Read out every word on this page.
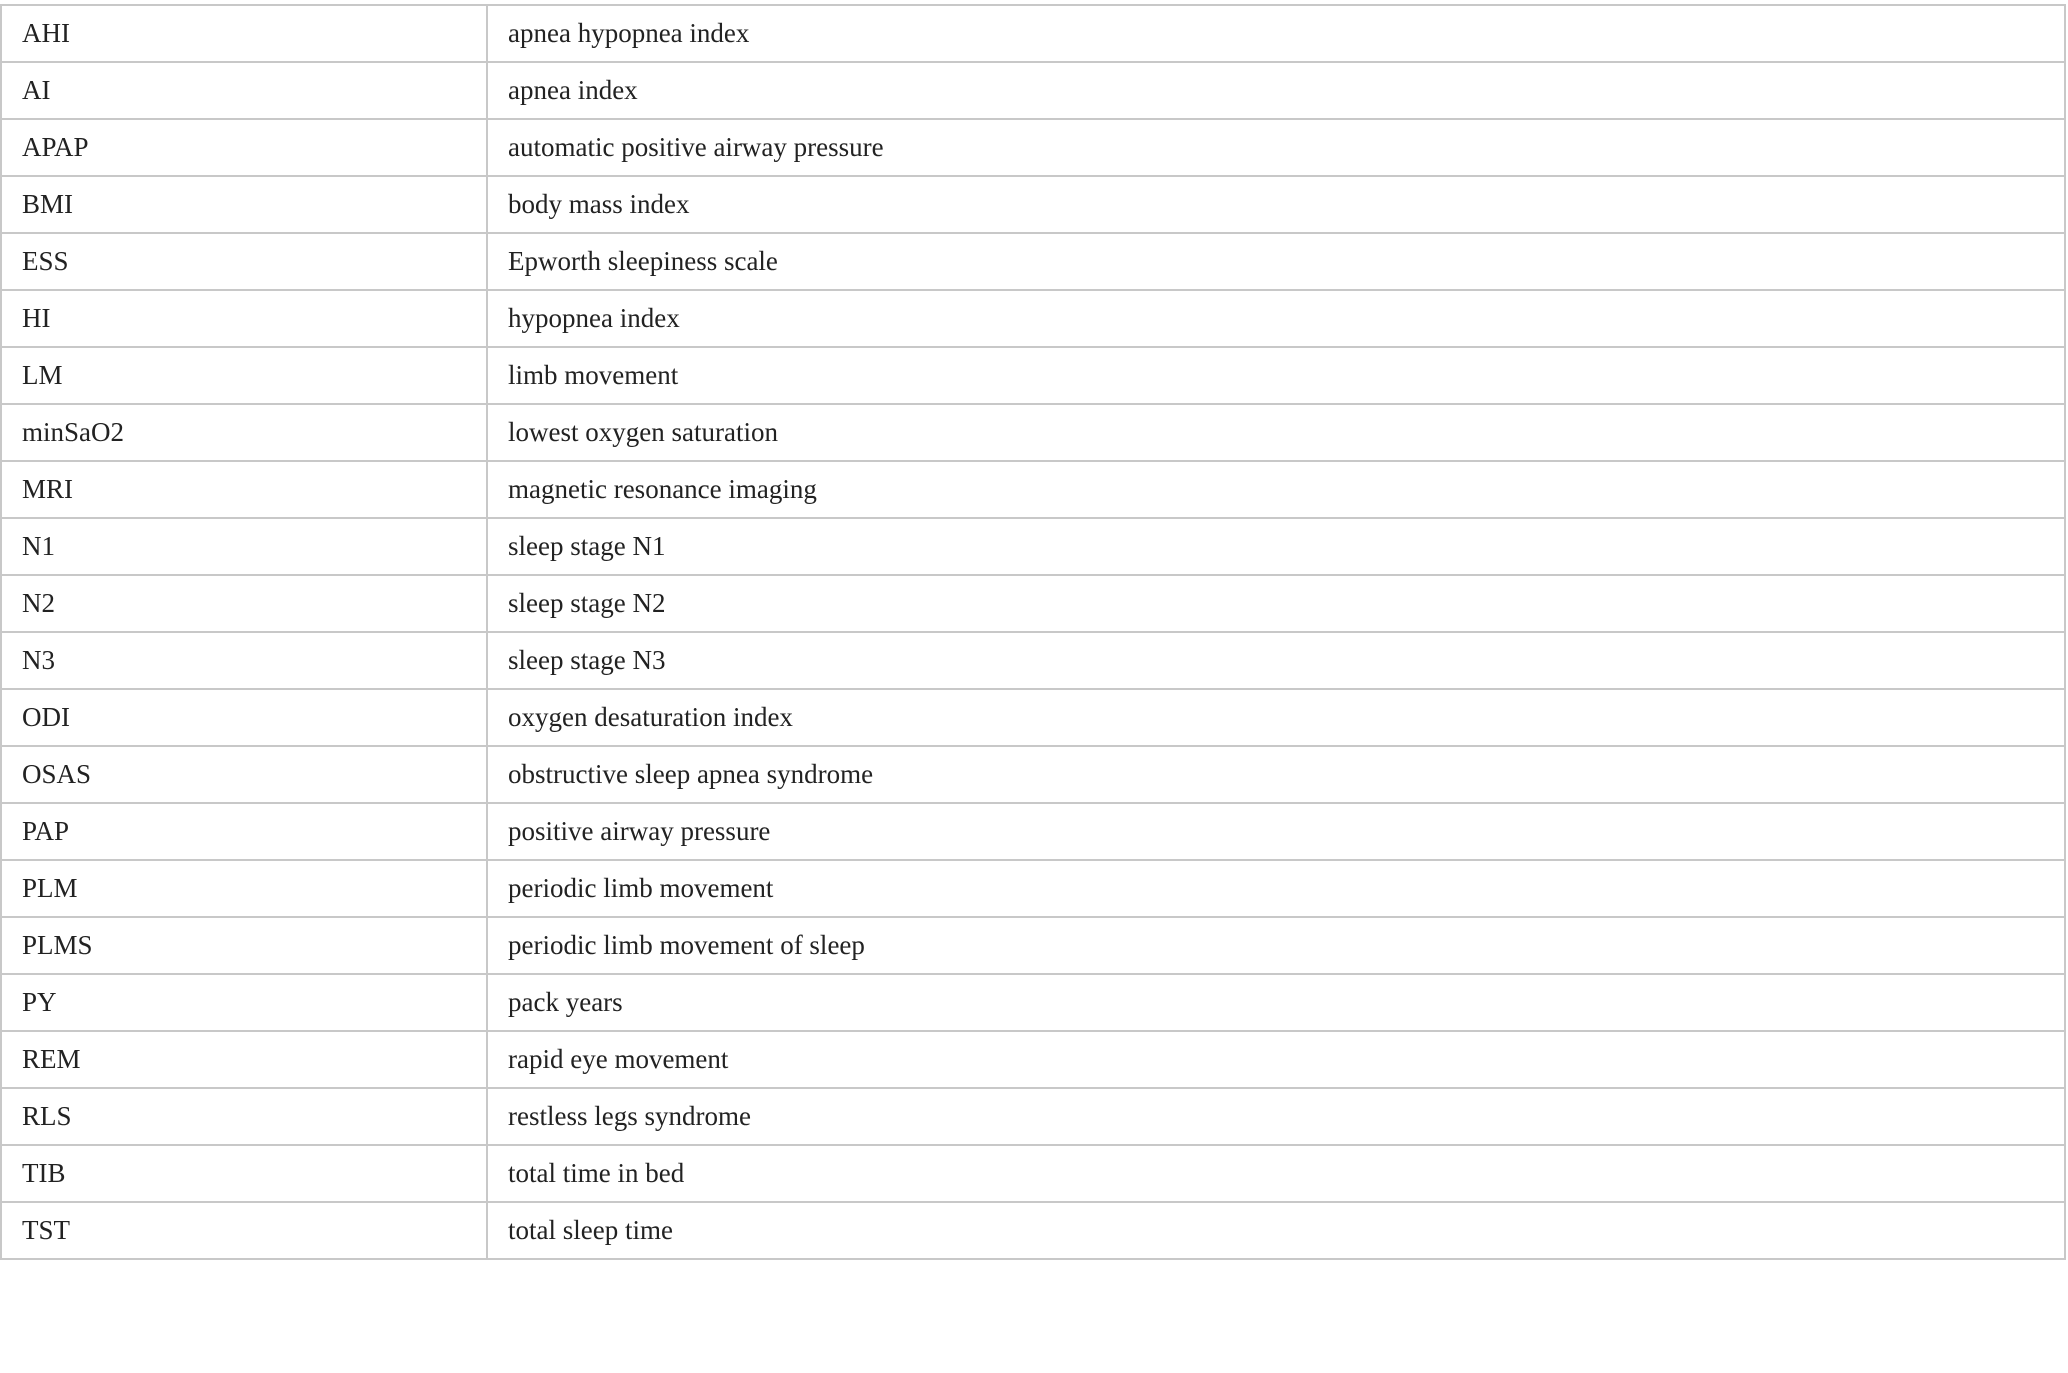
AHI	apnea hypopnea index
AI	apnea index
APAP	automatic positive airway pressure
BMI	body mass index
ESS	Epworth sleepiness scale
HI	hypopnea index
LM	limb movement
minSaO2	lowest oxygen saturation
MRI	magnetic resonance imaging
N1	sleep stage N1
N2	sleep stage N2
N3	sleep stage N3
ODI	oxygen desaturation index
OSAS	obstructive sleep apnea syndrome
PAP	positive airway pressure
PLM	periodic limb movement
PLMS	periodic limb movement of sleep
PY	pack years
REM	rapid eye movement
RLS	restless legs syndrome
TIB	total time in bed
TST	total sleep time
